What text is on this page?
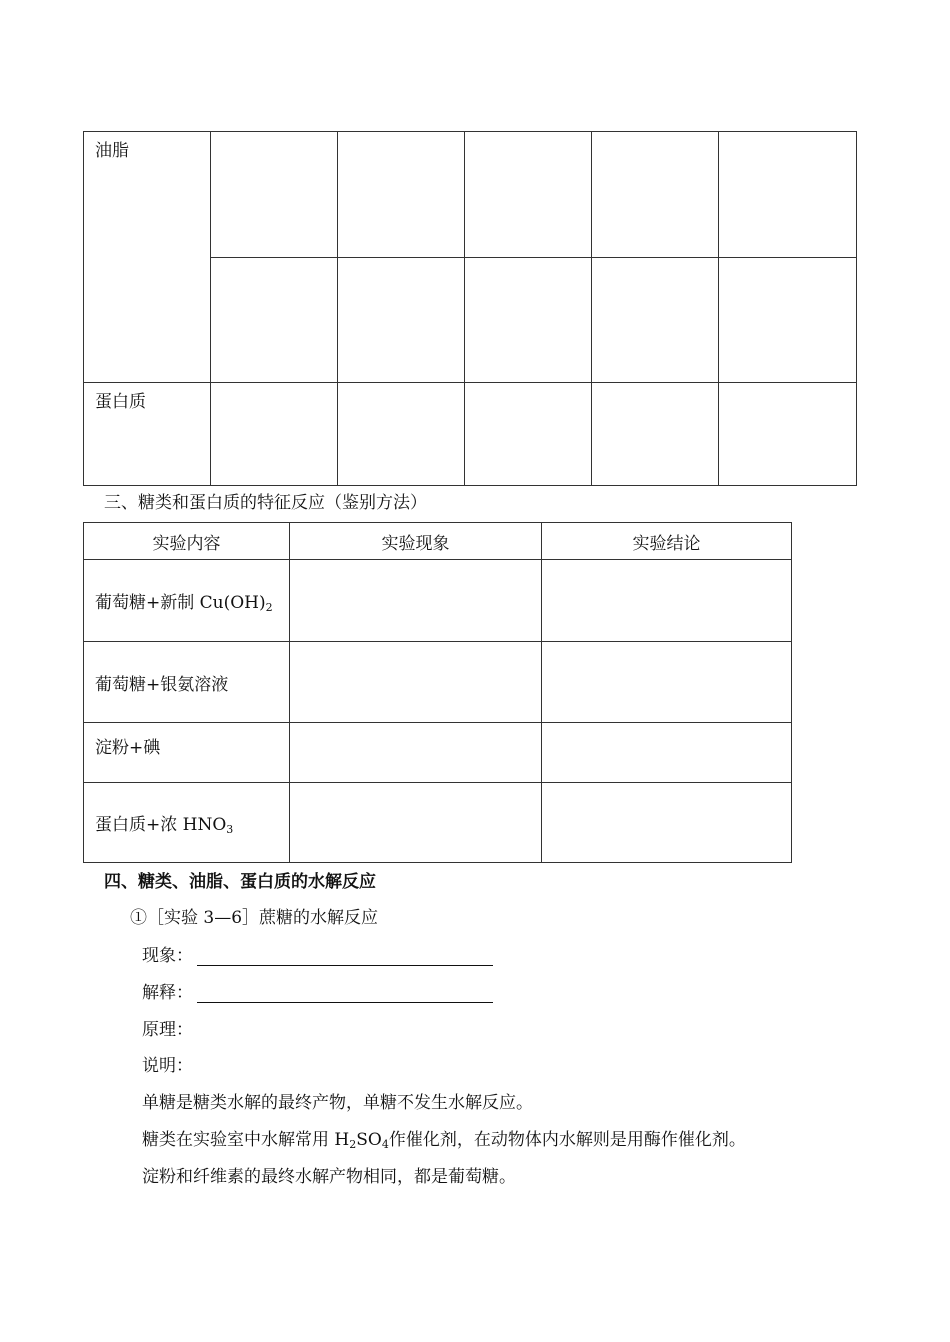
油脂					

蛋白质					

三、糖类和蛋白质的特征反应（鉴别方法）
实验内容	实验现象	实验结论
葡萄糖+新制 $Cu(OH)_2$		
葡萄糖+银氨溶液		
淀粉+碘		
蛋白质+浓 $HNO_3$		
四、糖类、油脂、蛋白质的水解反应
①［实验 3—6］蔗糖的水解反应
现象：
解释：
原理：
说明：
单糖是糖类水解的最终产物，单糖不发生水解反应。
糖类在实验室中水解常用 $H_2SO_4$作催化剂，在动物体内水解则是用酶作催化剂。
淀粉和纤维素的最终水解产物相同，都是葡萄糖。
